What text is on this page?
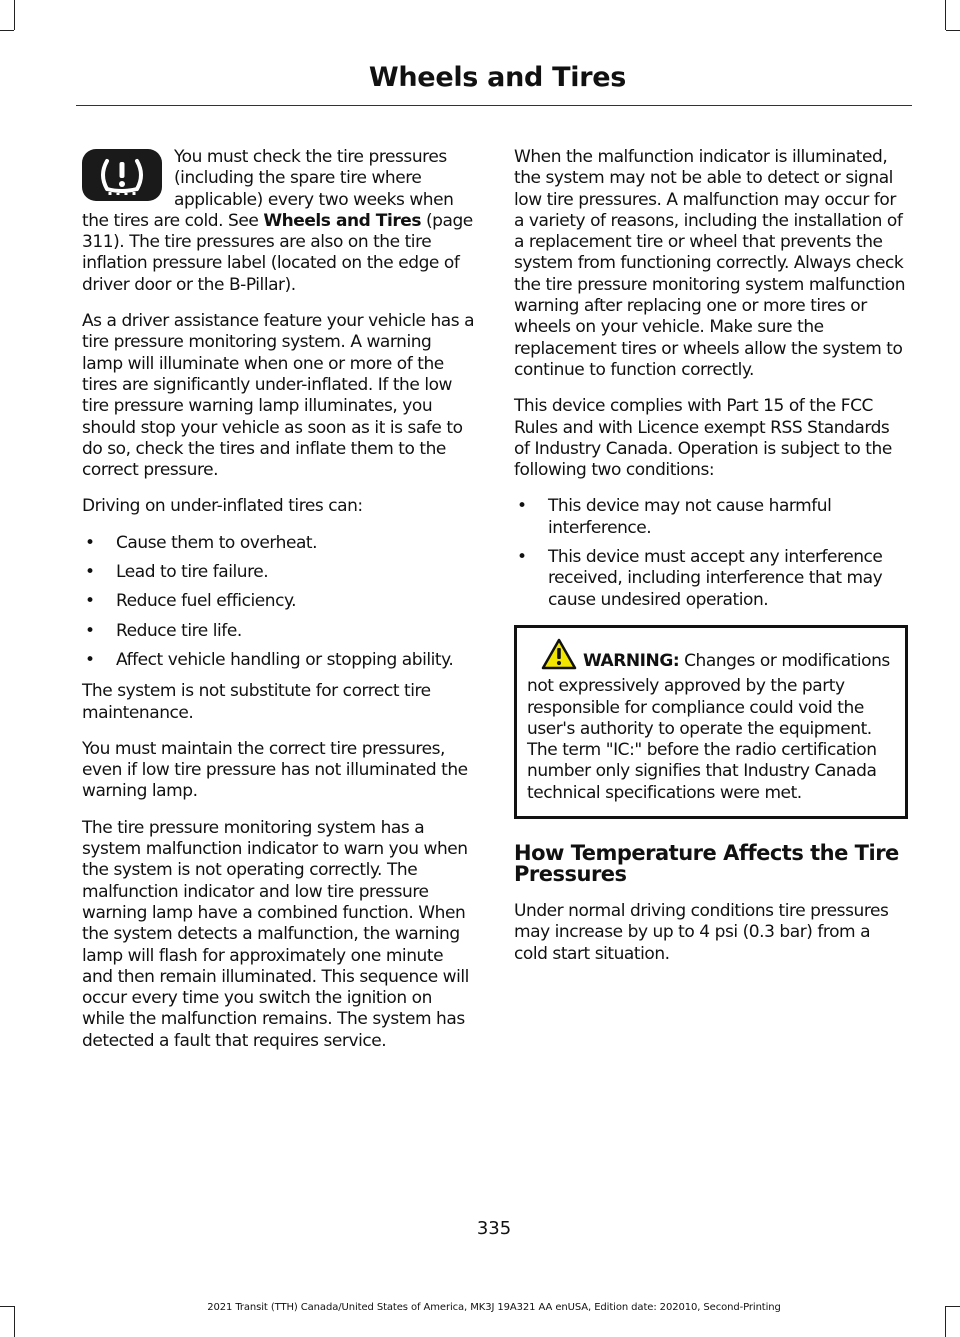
Wheels and Tires

You must check the tire pressures (including the spare tire where applicable) every two weeks when the tires are cold. See Wheels and Tires (page 311). The tire pressures are also on the tire inflation pressure label (located on the edge of driver door or the B-Pillar).

As a driver assistance feature your vehicle has a tire pressure monitoring system. A warning lamp will illuminate when one or more of the tires are significantly under-inflated. If the low tire pressure warning lamp illuminates, you should stop your vehicle as soon as it is safe to do so, check the tires and inflate them to the correct pressure.

Driving on under-inflated tires can:

• Cause them to overheat.
• Lead to tire failure.
• Reduce fuel efficiency.
• Reduce tire life.
• Affect vehicle handling or stopping ability.

The system is not substitute for correct tire maintenance.

You must maintain the correct tire pressures, even if low tire pressure has not illuminated the warning lamp.

The tire pressure monitoring system has a system malfunction indicator to warn you when the system is not operating correctly. The malfunction indicator and low tire pressure warning lamp have a combined function. When the system detects a malfunction, the warning lamp will flash for approximately one minute and then remain illuminated. This sequence will occur every time you switch the ignition on while the malfunction remains. The system has detected a fault that requires service.

When the malfunction indicator is illuminated, the system may not be able to detect or signal low tire pressures. A malfunction may occur for a variety of reasons, including the installation of a replacement tire or wheel that prevents the system from functioning correctly. Always check the tire pressure monitoring system malfunction warning after replacing one or more tires or wheels on your vehicle. Make sure the replacement tires or wheels allow the system to continue to function correctly.

This device complies with Part 15 of the FCC Rules and with Licence exempt RSS Standards of Industry Canada. Operation is subject to the following two conditions:

• This device may not cause harmful interference.
• This device must accept any interference received, including interference that may cause undesired operation.
WARNING: Changes or modifications not expressively approved by the party responsible for compliance could void the user's authority to operate the equipment. The term "IC:" before the radio certification number only signifies that Industry Canada technical specifications were met.
How Temperature Affects the Tire Pressures

Under normal driving conditions tire pressures may increase by up to 4 psi (0.3 bar) from a cold start situation.

335
2021 Transit (TTH) Canada/United States of America, MK3J 19A321 AA enUSA, Edition date: 202010, Second-Printing
